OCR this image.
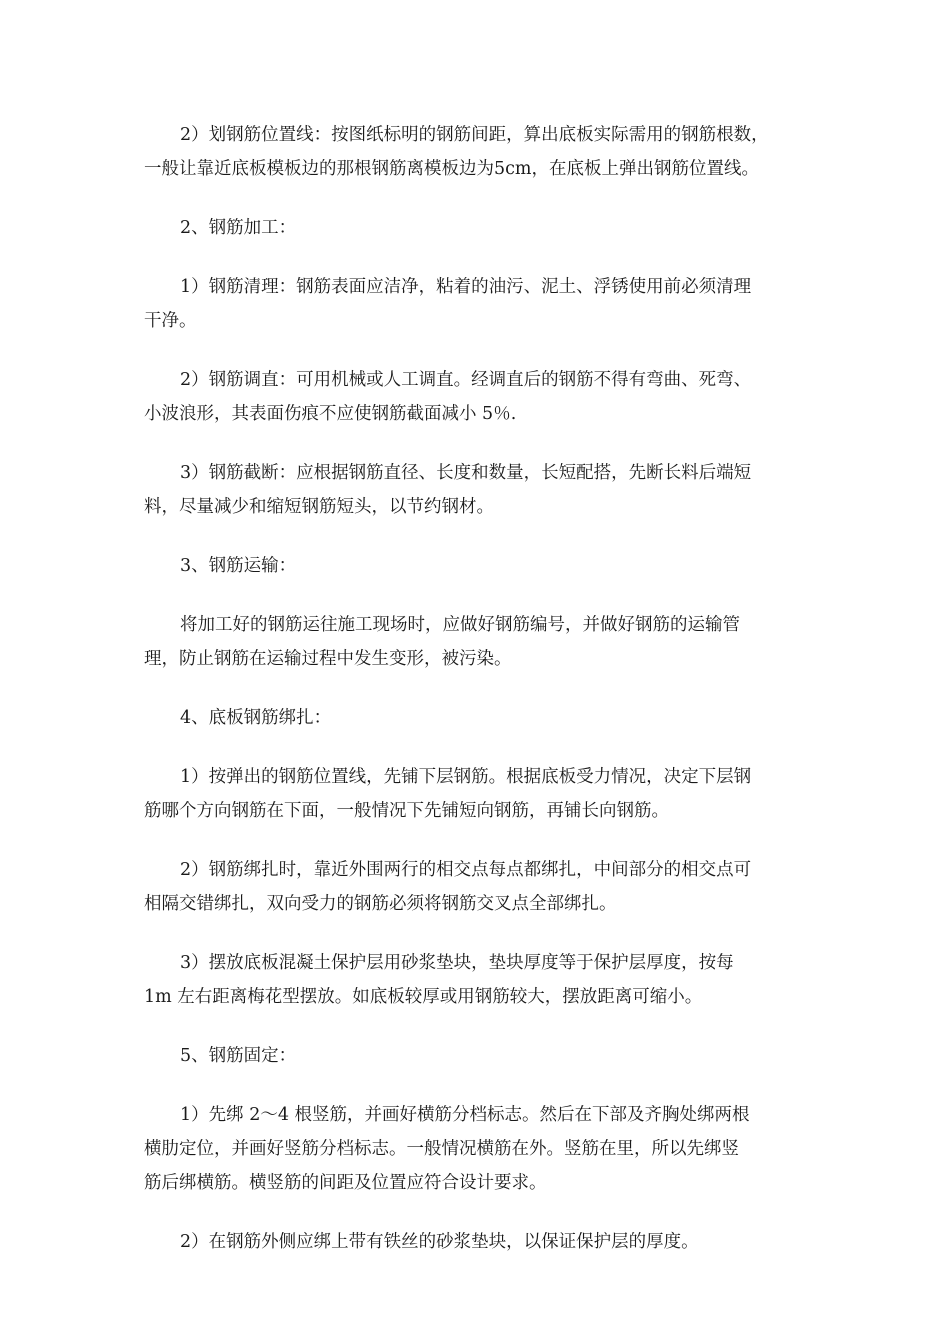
2）划钢筋位置线：按图纸标明的钢筋间距，算出底板实际需用的钢筋根数，
一般让靠近底板模板边的那根钢筋离模板边为5cm，在底板上弹出钢筋位置线。

2、钢筋加工：

1）钢筋清理：钢筋表面应洁净，粘着的油污、泥土、浮锈使用前必须清理
干净。

2）钢筋调直：可用机械或人工调直。经调直后的钢筋不得有弯曲、死弯、
小波浪形，其表面伤痕不应使钢筋截面减小 5％.

3）钢筋截断：应根据钢筋直径、长度和数量，长短配搭，先断长料后端短
料，尽量减少和缩短钢筋短头，以节约钢材。

3、钢筋运输：

将加工好的钢筋运往施工现场时，应做好钢筋编号，并做好钢筋的运输管
理，防止钢筋在运输过程中发生变形，被污染。

4、底板钢筋绑扎：

1）按弹出的钢筋位置线，先铺下层钢筋。根据底板受力情况，决定下层钢
筋哪个方向钢筋在下面，一般情况下先铺短向钢筋，再铺长向钢筋。

2）钢筋绑扎时，靠近外围两行的相交点每点都绑扎，中间部分的相交点可
相隔交错绑扎，双向受力的钢筋必须将钢筋交叉点全部绑扎。

3）摆放底板混凝土保护层用砂浆垫块，垫块厚度等于保护层厚度，按每
1m 左右距离梅花型摆放。如底板较厚或用钢筋较大，摆放距离可缩小。

5、钢筋固定：

1）先绑 2～4 根竖筋，并画好横筋分档标志。然后在下部及齐胸处绑两根
横肋定位，并画好竖筋分档标志。一般情况横筋在外。竖筋在里，所以先绑竖
筋后绑横筋。横竖筋的间距及位置应符合设计要求。

2）在钢筋外侧应绑上带有铁丝的砂浆垫块，以保证保护层的厚度。
